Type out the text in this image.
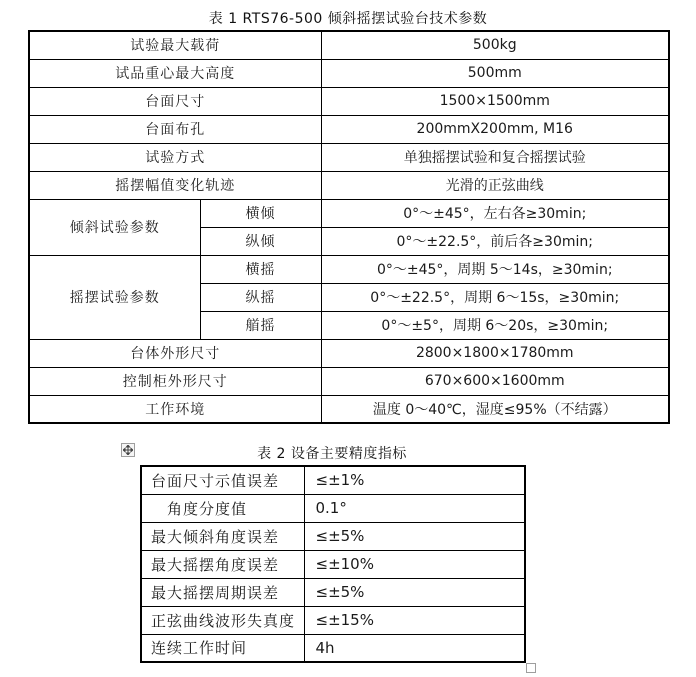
表 1 RTS76-500 倾斜摇摆试验台技术参数
试验最大载荷		500kg
试品重心最大高度		500mm
台面尺寸		1500×1500mm
台面布孔		200mmX200mm, M16
试验方式		单独摇摆试验和复合摇摆试验
摇摆幅值变化轨迹		光滑的正弦曲线
倾斜试验参数	横倾	0°～±45°，左右各≥30min;
	纵倾	0°～±22.5°，前后各≥30min;
摇摆试验参数	横摇	0°～±45°，周期 5～14s，≥30min;
	纵摇	0°～±22.5°，周期 6～15s，≥30min;
	艏摇	0°～±5°，周期 6～20s，≥30min;
台体外形尺寸		2800×1800×1780mm
控制柜外形尺寸		670×600×1600mm
工作环境		温度 0～40℃，湿度≤95%（不结露）
表 2 设备主要精度指标
台面尺寸示值误差	≤±1%
　角度分度值	0.1°
最大倾斜角度误差	≤±5%
最大摇摆角度误差	≤±10%
最大摇摆周期误差	≤±5%
正弦曲线波形失真度	≤±15%
连续工作时间	4h
